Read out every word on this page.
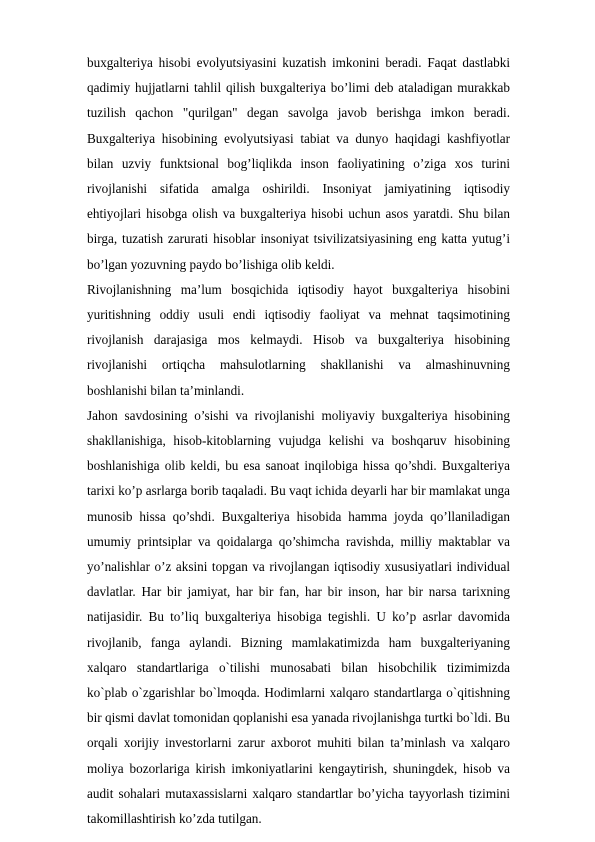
buxgalteriya hisobi evolyutsiyasini kuzatish imkonini beradi. Faqat dastlabki qadimiy hujjatlarni tahlil qilish buxgalteriya bo’limi deb ataladigan murakkab tuzilish qachon "qurilgan" degan savolga javob berishga imkon beradi. Buxgalteriya hisobining evolyutsiyasi tabiat va dunyo haqidagi kashfiyotlar bilan uzviy funktsional bog’liqlikda inson faoliyatining o’ziga xos turini rivojlanishi sifatida amalga oshirildi. Insoniyat jamiyatining iqtisodiy ehtiyojlari hisobga olish va buxgalteriya hisobi uchun asos yaratdi. Shu bilan birga, tuzatish zarurati hisoblar insoniyat tsivilizatsiyasining eng katta yutug’i bo’lgan yozuvning paydo bo’lishiga olib keldi.

Rivojlanishning ma’lum bosqichida iqtisodiy hayot buxgalteriya hisobini yuritishning oddiy usuli endi iqtisodiy faoliyat va mehnat taqsimotining rivojlanish darajasiga mos kelmaydi. Hisob va buxgalteriya hisobining rivojlanishi ortiqcha mahsulotlarning shakllanishi va almashinuvning boshlanishi bilan ta’minlandi.

Jahon savdosining o’sishi va rivojlanishi moliyaviy buxgalteriya hisobining shakllanishiga, hisob-kitoblarning vujudga kelishi va boshqaruv hisobining boshlanishiga olib keldi, bu esa sanoat inqilobiga hissa qo’shdi. Buxgalteriya tarixi ko’p asrlarga borib taqaladi. Bu vaqt ichida deyarli har bir mamlakat unga munosib hissa qo’shdi. Buxgalteriya hisobida hamma joyda qo’llaniladigan umumiy printsiplar va qoidalarga qo’shimcha ravishda, milliy maktablar va yo’nalishlar o’z aksini topgan va rivojlangan iqtisodiy xususiyatlari individual davlatlar. Har bir jamiyat, har bir fan, har bir inson, har bir narsa tarixning natijasidir. Bu to’liq buxgalteriya hisobiga tegishli. U ko’p asrlar davomida rivojlanib, fanga aylandi. Bizning mamlakatimizda ham buxgalteriyaning xalqaro standartlariga o`tilishi munosabati bilan hisobchilik tizimimizda ko`plab o`zgarishlar bo`lmoqda. Hodimlarni xalqaro standartlarga o`qitishning bir qismi davlat tomonidan qoplanishi esa yanada rivojlanishga turtki bo`ldi. Bu orqali xorijiy investorlarni zarur axborot muhiti bilan ta’minlash va xalqaro moliya bozorlariga kirish imkoniyatlarini kengaytirish, shuningdek, hisob va audit sohalari mutaxassislarni xalqaro standartlar bo’yicha tayyorlash tizimini takomillashtirish ko’zda tutilgan.
